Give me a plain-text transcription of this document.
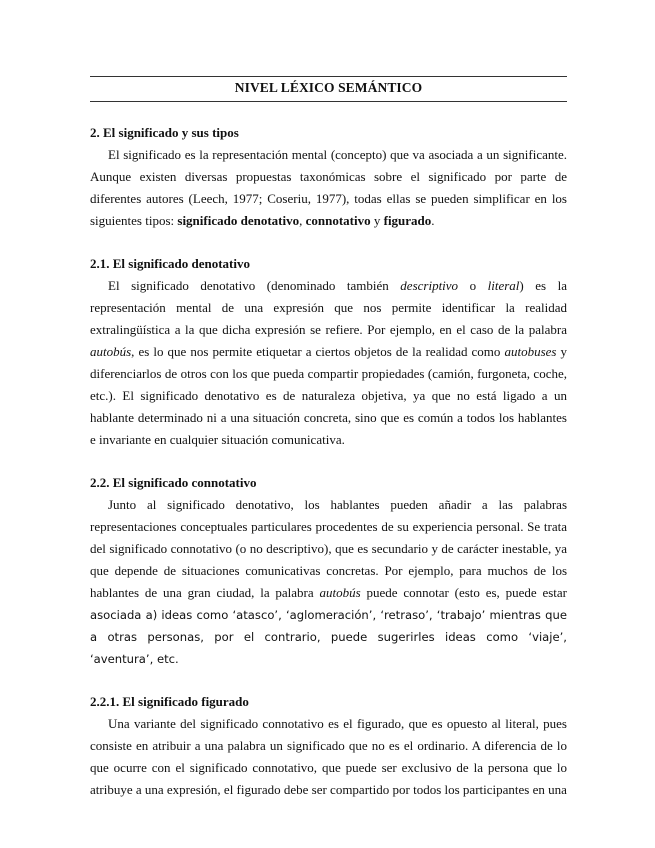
NIVEL LÉXICO SEMÁNTICO
2. El significado y sus tipos

El significado es la representación mental (concepto) que va asociada a un significante. Aunque existen diversas propuestas taxonómicas sobre el significado por parte de diferentes autores (Leech, 1977; Coseriu, 1977), todas ellas se pueden simplificar en los siguientes tipos: significado denotativo, connotativo y figurado.

2.1. El significado denotativo

El significado denotativo (denominado también descriptivo o literal) es la representación mental de una expresión que nos permite identificar la realidad extralingüística a la que dicha expresión se refiere. Por ejemplo, en el caso de la palabra autobús, es lo que nos permite etiquetar a ciertos objetos de la realidad como autobuses y diferenciarlos de otros con los que pueda compartir propiedades (camión, furgoneta, coche, etc.). El significado denotativo es de naturaleza objetiva, ya que no está ligado a un hablante determinado ni a una situación concreta, sino que es común a todos los hablantes e invariante en cualquier situación comunicativa.

2.2. El significado connotativo

Junto al significado denotativo, los hablantes pueden añadir a las palabras representaciones conceptuales particulares procedentes de su experiencia personal. Se trata del significado connotativo (o no descriptivo), que es secundario y de carácter inestable, ya que depende de situaciones comunicativas concretas. Por ejemplo, para muchos de los hablantes de una gran ciudad, la palabra autobús puede connotar (esto es, puede estar asociada a) ideas como ‘atasco’, ‘aglomeración’, ‘retraso’, ‘trabajo’ mientras que a otras personas, por el contrario, puede sugerirles ideas como ‘viaje’, ‘aventura’, etc.

2.2.1. El significado figurado

Una variante del significado connotativo es el figurado, que es opuesto al literal, pues consiste en atribuir a una palabra un significado que no es el ordinario. A diferencia de lo que ocurre con el significado connotativo, que puede ser exclusivo de la persona que lo atribuye a una expresión, el figurado debe ser compartido por todos los participantes en una
